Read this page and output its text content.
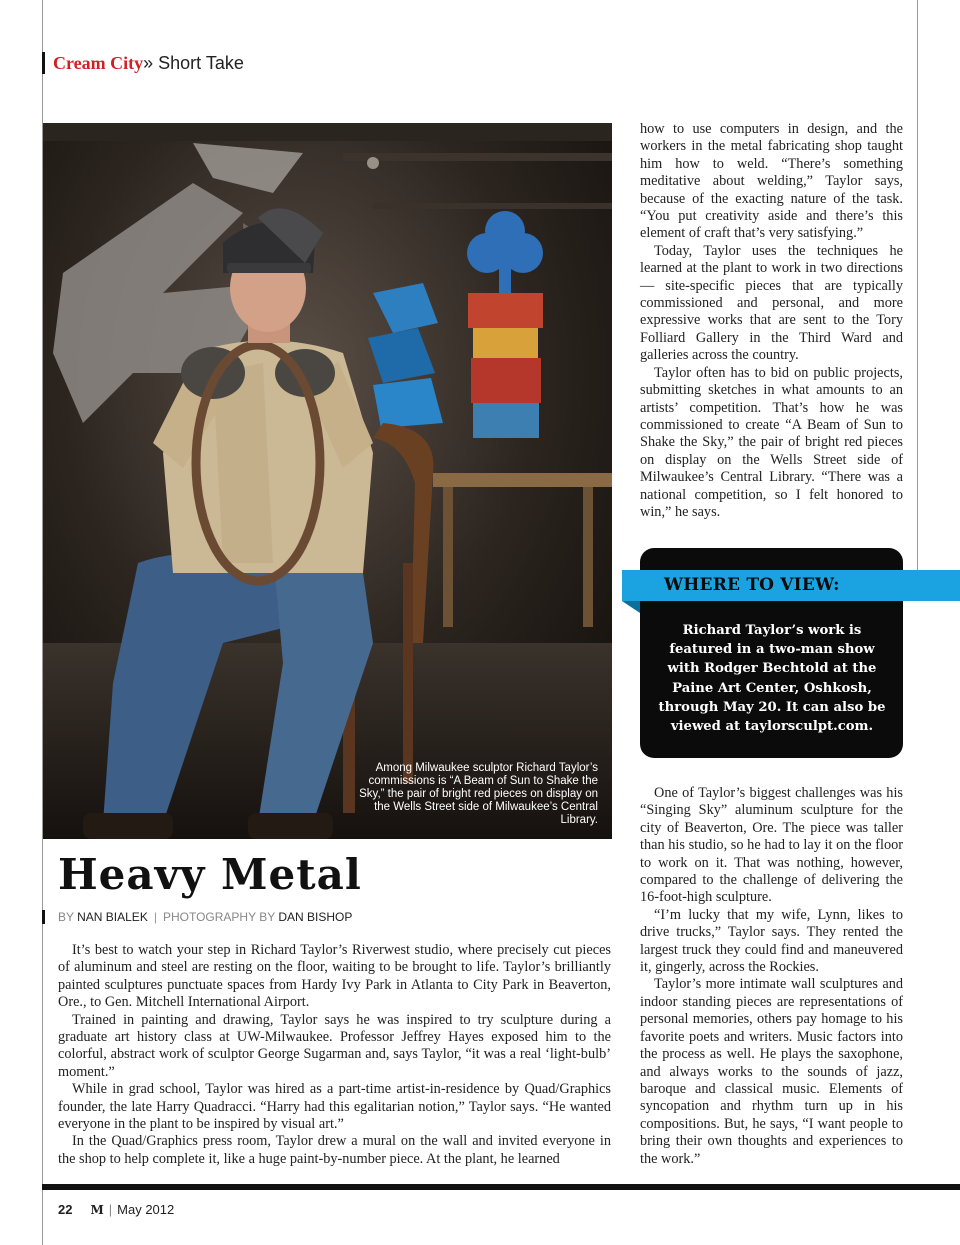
Cream City» Short Take
Among Milwaukee sculptor Richard Taylor’s commissions is “A Beam of Sun to Shake the Sky,” the pair of bright red pieces on display on the Wells Street side of Milwaukee’s Central Library.
Heavy Metal
BY NAN BIALEK | PHOTOGRAPHY BY DAN BISHOP

It’s best to watch your step in Richard Taylor’s Riverwest studio, where precisely cut pieces of aluminum and steel are resting on the floor, waiting to be brought to life. Taylor’s brilliantly painted sculptures punctuate spaces from Hardy Ivy Park in Atlanta to City Park in Beaverton, Ore., to Gen. Mitchell International Airport.

Trained in painting and drawing, Taylor says he was inspired to try sculpture during a graduate art history class at UW-Milwaukee. Professor Jeffrey Hayes exposed him to the colorful, abstract work of sculptor George Sugarman and, says Taylor, “it was a real ‘light-bulb’ moment.”

While in grad school, Taylor was hired as a part-time artist-in-residence by Quad/Graphics founder, the late Harry Quadracci. “Harry had this egalitarian notion,” Taylor says. “He wanted everyone in the plant to be inspired by visual art.”

In the Quad/Graphics press room, Taylor drew a mural on the wall and invited everyone in the shop to help complete it, like a huge paint-by-number piece. At the plant, he learned

how to use computers in design, and the workers in the metal fabricating shop taught him how to weld. “There’s something meditative about welding,” Taylor says, because of the exacting nature of the task. “You put creativity aside and there’s this element of craft that’s very satisfying.”

Today, Taylor uses the techniques he learned at the plant to work in two directions — site-specific pieces that are typically commissioned and personal, and more expressive works that are sent to the Tory Folliard Gallery in the Third Ward and galleries across the country.

Taylor often has to bid on public projects, submitting sketches in what amounts to an artists’ competition. That’s how he was commissioned to create “A Beam of Sun to Shake the Sky,” the pair of bright red pieces on display on the Wells Street side of Milwaukee’s Central Library. “There was a national competition, so I felt honored to win,” he says.

WHERE TO VIEW:
Richard Taylor’s work is featured in a two-man show with Rodger Bechtold at the Paine Art Center, Oshkosh, through May 20. It can also be viewed at taylorsculpt.com.

One of Taylor’s biggest challenges was his “Singing Sky” aluminum sculpture for the city of Beaverton, Ore. The piece was taller than his studio, so he had to lay it on the floor to work on it. That was nothing, however, compared to the challenge of delivering the 16-foot-high sculpture.

“I’m lucky that my wife, Lynn, likes to drive trucks,” Taylor says. They rented the largest truck they could find and maneuvered it, gingerly, across the Rockies.

Taylor’s more intimate wall sculptures and indoor standing pieces are representations of personal memories, others pay homage to his favorite poets and writers. Music factors into the process as well. He plays the saxophone, and always works to the sounds of jazz, baroque and classical music. Elements of syncopation and rhythm turn up in his compositions. But, he says, “I want people to bring their own thoughts and experiences to the work.”

22 M | May 2012
